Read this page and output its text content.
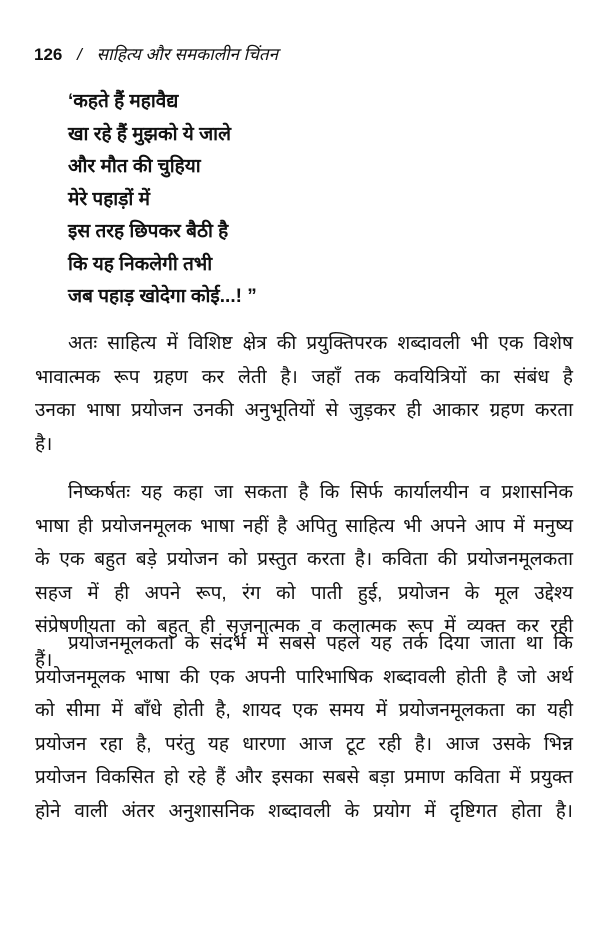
126 / साहित्य और समकालीन चिंतन
‘कहते हैं महावैद्य
खा रहे हैं मुझको ये जाले
और मौत की चुहिया
मेरे पहाड़ों में
इस तरह छिपकर बैठी है
कि यह निकलेगी तभी
जब पहाड़ खोदेगा कोई...! ”
अतः साहित्य में विशिष्ट क्षेत्र की प्रयुक्तिपरक शब्दावली भी एक विशेष
भावात्मक रूप ग्रहण कर लेती है। जहाँ तक कवयित्रियों का संबंध है
उनका भाषा प्रयोजन उनकी अनुभूतियों से जुड़कर ही आकार ग्रहण करता
है।
निष्कर्षतः यह कहा जा सकता है कि सिर्फ कार्यालयीन व प्रशासनिक
भाषा ही प्रयोजनमूलक भाषा नहीं है अपितु साहित्य भी अपने आप में मनुष्य
के एक बहुत बड़े प्रयोजन को प्रस्तुत करता है। कविता की प्रयोजनमूलकता
सहज में ही अपने रूप, रंग को पाती हुई, प्रयोजन के मूल उद्देश्य
संप्रेषणीयता को बहुत ही सृजनात्मक व कलात्मक रूप में व्यक्त कर रही
हैं।
प्रयोजनमूलकता के संदर्भ में सबसे पहले यह तर्क दिया जाता था कि
प्रयोजनमूलक भाषा की एक अपनी पारिभाषिक शब्दावली होती है जो अर्थ
को सीमा में बाँधे होती है, शायद एक समय में प्रयोजनमूलकता का यही
प्रयोजन रहा है, परंतु यह धारणा आज टूट रही है। आज उसके भिन्न
प्रयोजन विकसित हो रहे हैं और इसका सबसे बड़ा प्रमाण कविता में प्रयुक्त
होने वाली अंतर अनुशासनिक शब्दावली के प्रयोग में दृष्टिगत होता है।
